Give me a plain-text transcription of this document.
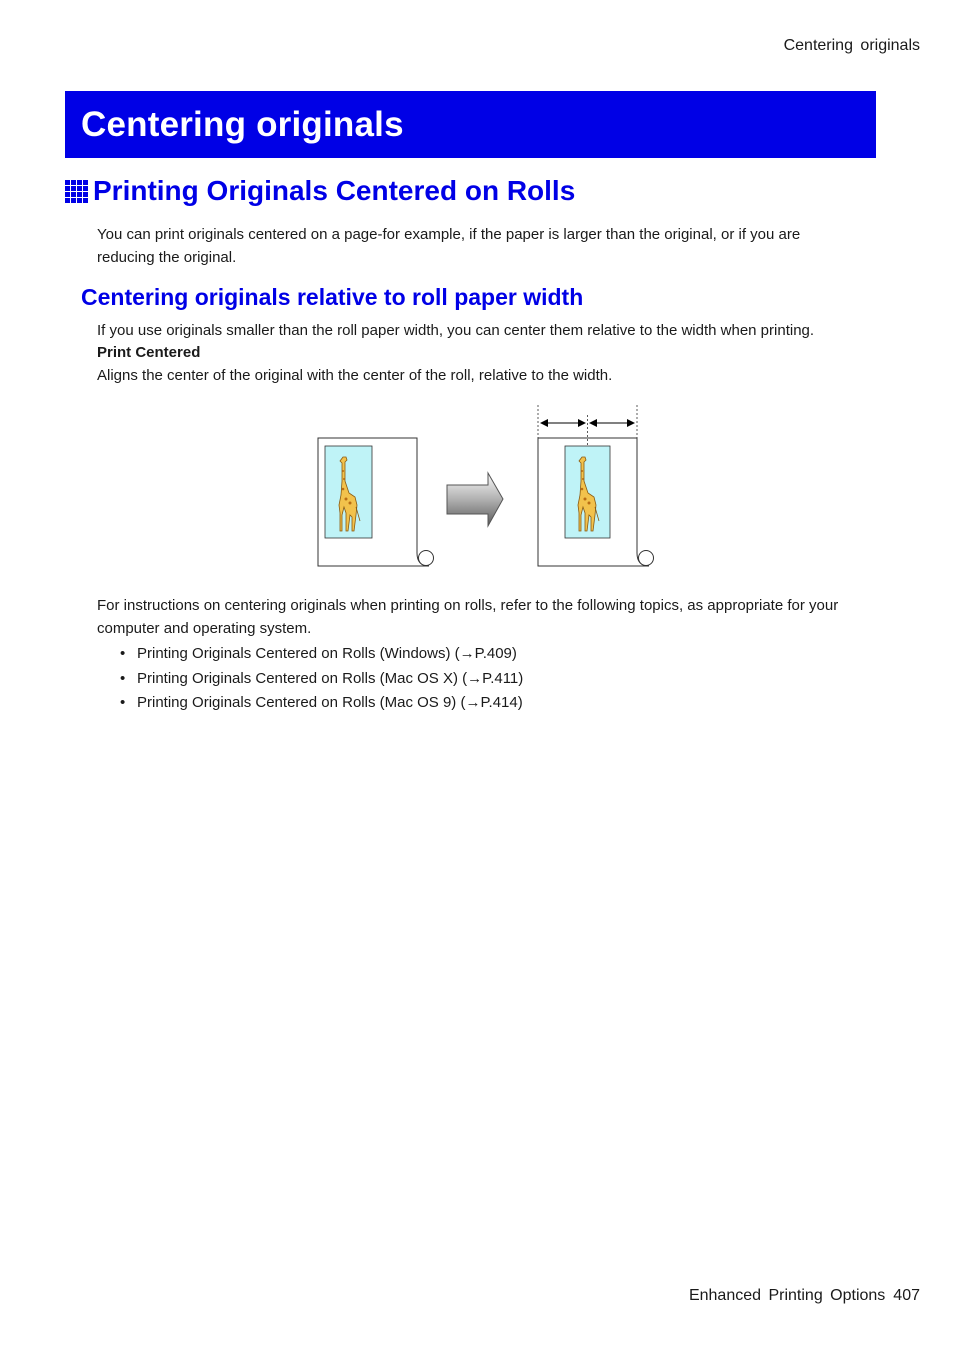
Centering originals
Centering originals
Printing Originals Centered on Rolls
You can print originals centered on a page-for example, if the paper is larger than the original, or if you are reducing the original.
Centering originals relative to roll paper width
If you use originals smaller than the roll paper width, you can center them relative to the width when printing.
Print Centered
Aligns the center of the original with the center of the roll, relative to the width.
For instructions on centering originals when printing on rolls, refer to the following topics, as appropriate for your computer and operating system.
• Printing Originals Centered on Rolls (Windows) (→P.409)
• Printing Originals Centered on Rolls (Mac OS X) (→P.411)
• Printing Originals Centered on Rolls (Mac OS 9) (→P.414)
Enhanced Printing Options 407
